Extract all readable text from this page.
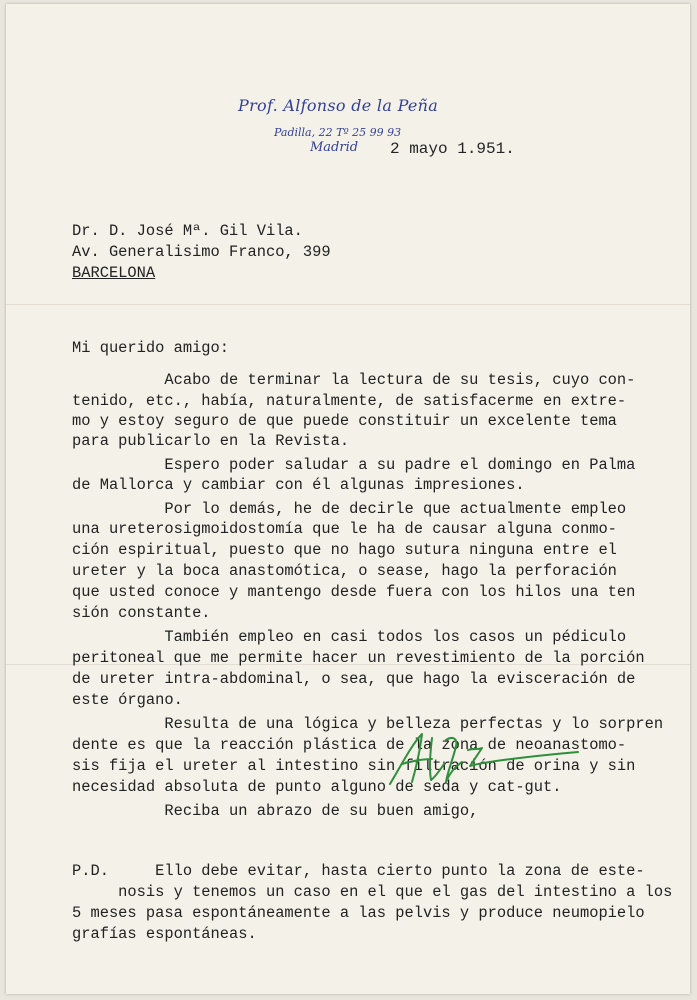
Prof. Alfonso de la Peña
Padilla, 22 Tº 25 99 93
Madrid 2 mayo 1.951.
Dr. D. José Mª. Gil Vila.
Av. Generalisimo Franco, 399
BARCELONA
Mi querido amigo:
Acabo de terminar la lectura de su tesis, cuyo con-
tenido, etc., había, naturalmente, de satisfacerme en extre-
mo y estoy seguro de que puede constituir un excelente tema
para publicarlo en la Revista.
Espero poder saludar a su padre el domingo en Palma
de Mallorca y cambiar con él algunas impresiones.
Por lo demás, he de decirle que actualmente empleo
una ureterosigmoidostomía que le ha de causar alguna conmo-
ción espiritual, puesto que no hago sutura ninguna entre el
ureter y la boca anastomótica, o sease, hago la perforación
que usted conoce y mantengo desde fuera con los hilos una ten
sión constante.
También empleo en casi todos los casos un pédiculo
peritoneal que me permite hacer un revestimiento de la porción
de ureter intra-abdominal, o sea, que hago la evisceración de
este órgano.
Resulta de una lógica y belleza perfectas y lo sorpren
dente es que la reacción plástica de la zona de neoanastomo-
sis fija el ureter al intestino sin filtración de orina y sin
necesidad absoluta de punto alguno de seda y cat-gut.
Reciba un abrazo de su buen amigo,
P.D.     Ello debe evitar, hasta cierto punto la zona de este-
nosis y tenemos un caso en el que el gas del intestino a los
5 meses pasa espontáneamente a las pelvis y produce neumopielo
grafías espontáneas.
